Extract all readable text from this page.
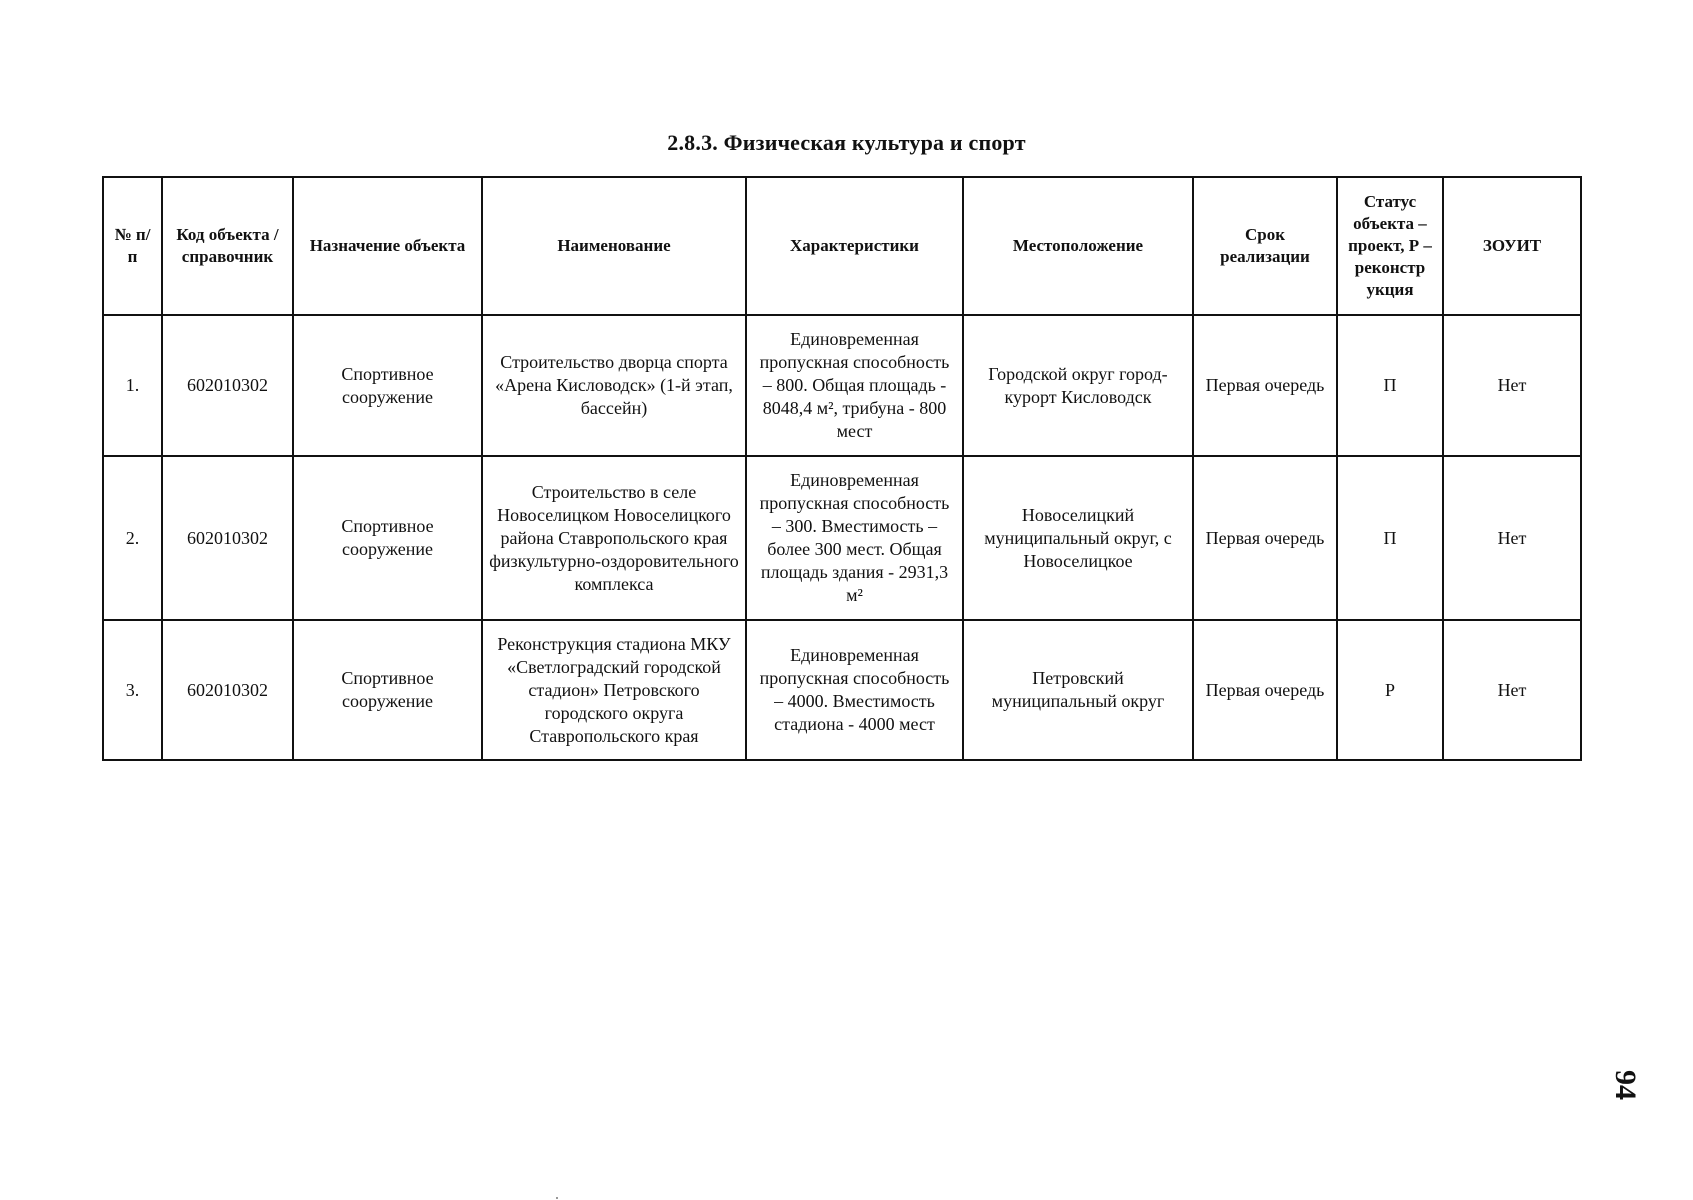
2.8.3. Физическая культура и спорт
№ п/п	Код объекта / справочник	Назначение объекта	Наименование	Характеристики	Местоположение	Срок реализации	Статус объекта – проект, Р – реконстр укция	ЗОУИТ
1.	602010302	Спортивное сооружение	Строительство дворца спорта «Арена Кисловодск» (1-й этап, бассейн)	Единовременная пропускная способность – 800. Общая площадь - 8048,4 м², трибуна - 800 мест	Городской округ город-курорт Кисловодск	Первая очередь	П	Нет
2.	602010302	Спортивное сооружение	Строительство в селе Новоселицком Новоселицкого района Ставропольского края физкультурно-оздоровительного комплекса	Единовременная пропускная способность – 300. Вместимость – более 300 мест. Общая площадь здания - 2931,3 м²	Новоселицкий муниципальный округ, с Новоселицкое	Первая очередь	П	Нет
3.	602010302	Спортивное сооружение	Реконструкция стадиона МКУ «Светлоградский городской стадион» Петровского городского округа Ставропольского края	Единовременная пропускная способность – 4000. Вместимость стадиона - 4000 мест	Петровский муниципальный округ	Первая очередь	Р	Нет
94
